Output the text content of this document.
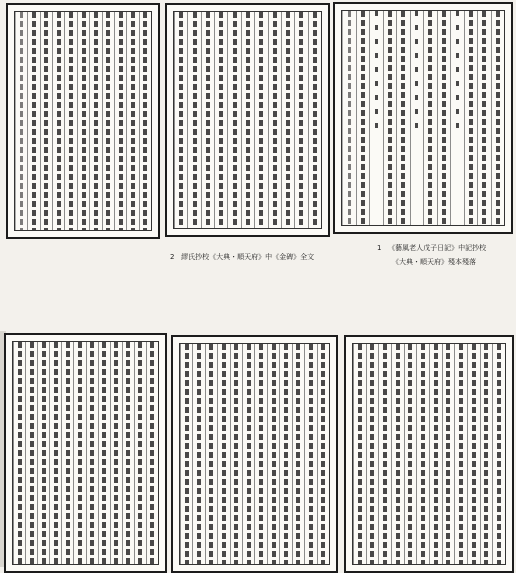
1 《藝風老人戊子日記》中記抄校
《大典・順天府》殘本殘落
2 繆氏抄校《大典・順天府》中《金碑》全文
